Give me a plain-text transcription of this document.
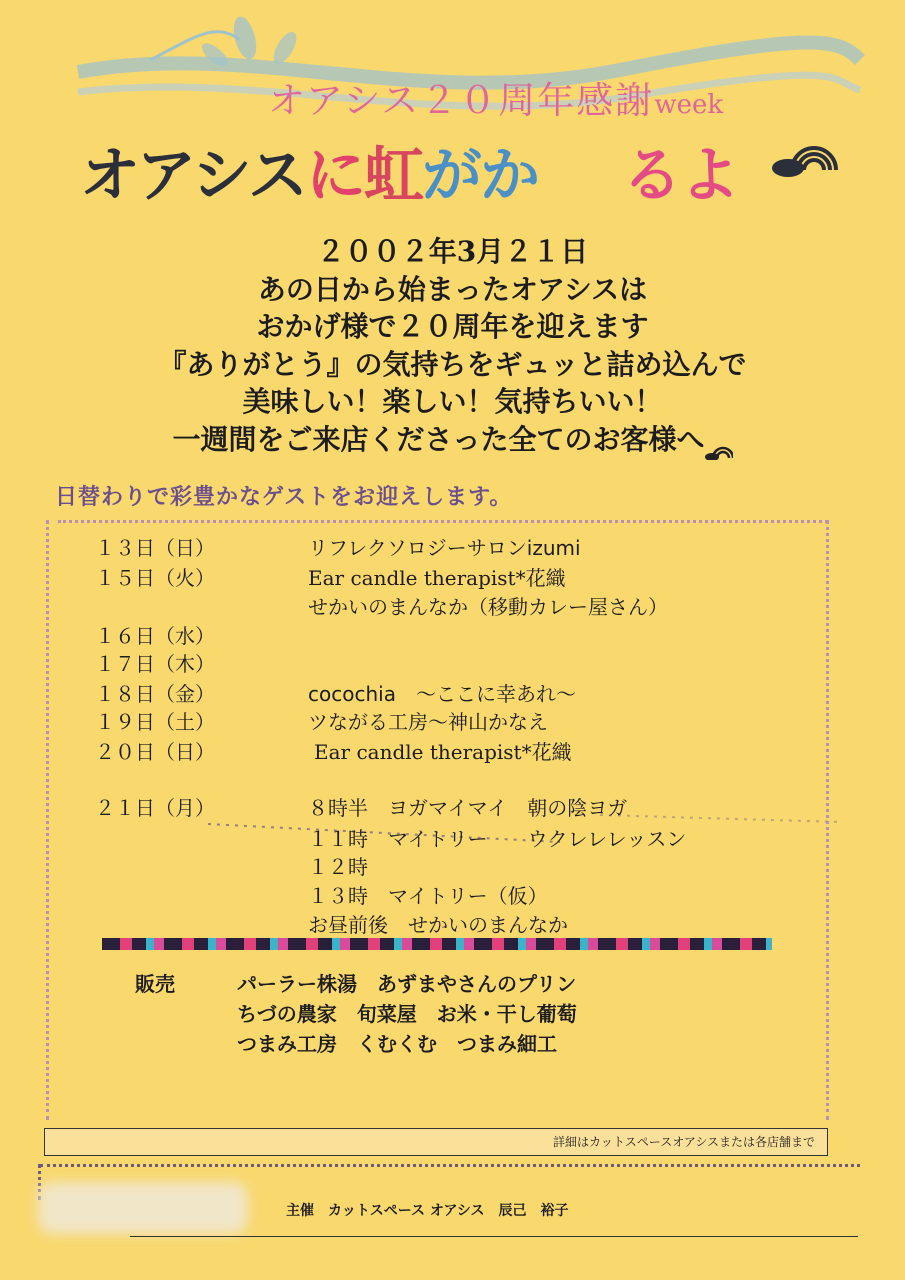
オアシス２０周年感謝week
オアシスに虹がか るよ
２００２年3月２１日
あの日から始まったオアシスは
おかげ様で２０周年を迎えます
『ありがとう』の気持ちをギュッと詰め込んで
美味しい！楽しい！気持ちいい！
一週間をご来店くださった全てのお客様へ
日替わりで彩豊かなゲストをお迎えします。
１３日（日）	リフレクソロジーサロンizumi
１５日（火）	Ear candle therapist*花織
せかいのまんなか（移動カレー屋さん）
１６日（水）
１７日（木）
１８日（金）	cocochia　～ここに幸あれ～
１９日（土）	ツながる工房～神山かなえ
２０日（日）	Ear candle therapist*花織
２１日（月）	８時半　ヨガマイマイ　朝の陰ヨガ
１１時　マイトリー　　ウクレレレッスン
１２時
１３時　マイトリー（仮）
お昼前後　せかいのまんなか
販売	パーラー株湯　あずまやさんのプリン
ちづの農家　旬菜屋　お米・干し葡萄
つまみ工房　くむくむ　つまみ細工
詳細はカットスペースオアシスまたは各店舗まで
主催　カットスペース オアシス　辰己　裕子
